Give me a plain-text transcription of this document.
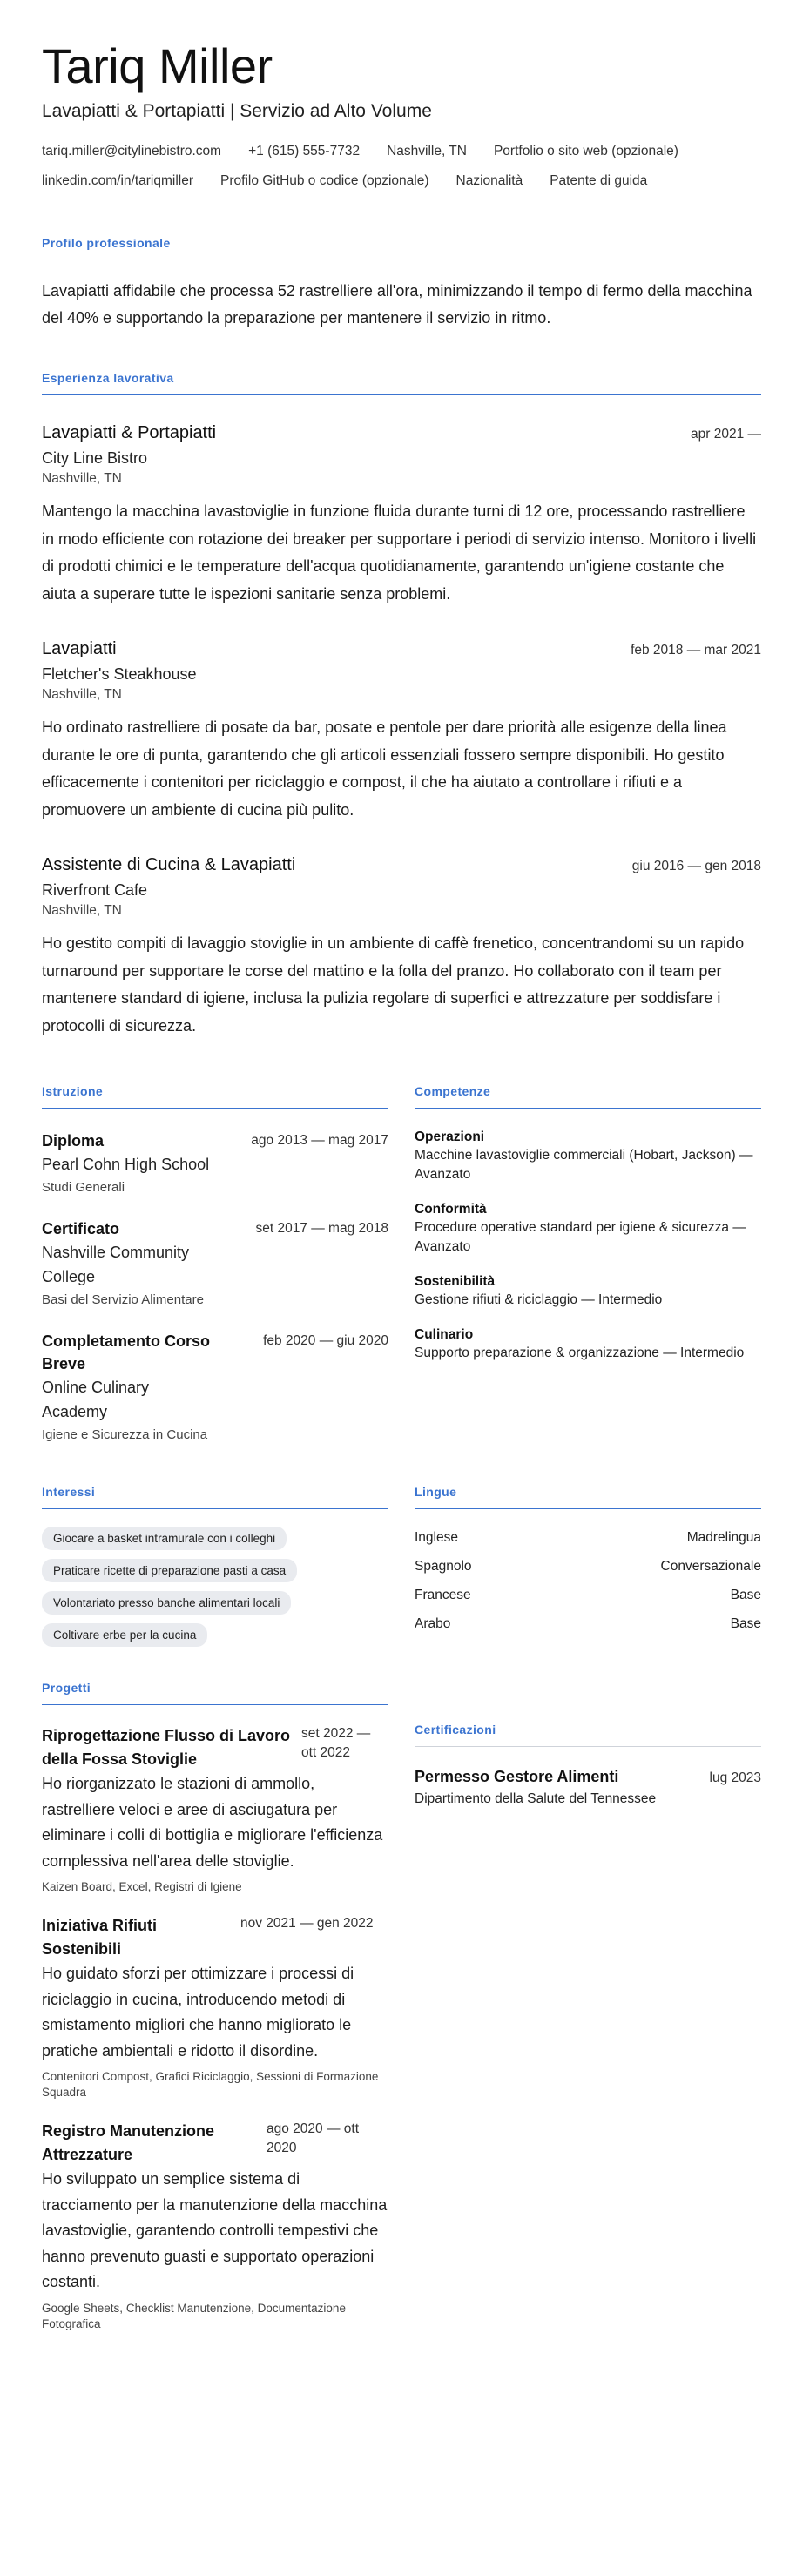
Tariq Miller
Lavapiatti & Portapiatti | Servizio ad Alto Volume
tariq.miller@citylinebistro.com +1 (615) 555-7732 Nashville, TN Portfolio o sito web (opzionale)
linkedin.com/in/tariqmiller Profilo GitHub o codice (opzionale) Nazionalità Patente di guida
Profilo professionale

Lavapiatti affidabile che processa 52 rastrelliere all'ora, minimizzando il tempo di fermo della macchina del 40% e supportando la preparazione per mantenere il servizio in ritmo.

Esperienza lavorativa
Lavapiatti & Portapiatti	apr 2021 —
City Line Bistro
Nashville, TN

Mantengo la macchina lavastoviglie in funzione fluida durante turni di 12 ore, processando rastrelliere in modo efficiente con rotazione dei breaker per supportare i periodi di servizio intenso. Monitoro i livelli di prodotti chimici e le temperature dell'acqua quotidianamente, garantendo un'igiene costante che aiuta a superare tutte le ispezioni sanitarie senza problemi.

Lavapiatti	feb 2018 — mar 2021
Fletcher's Steakhouse
Nashville, TN

Ho ordinato rastrelliere di posate da bar, posate e pentole per dare priorità alle esigenze della linea durante le ore di punta, garantendo che gli articoli essenziali fossero sempre disponibili. Ho gestito efficacemente i contenitori per riciclaggio e compost, il che ha aiutato a controllare i rifiuti e a promuovere un ambiente di cucina più pulito.

Assistente di Cucina & Lavapiatti	giu 2016 — gen 2018
Riverfront Cafe
Nashville, TN

Ho gestito compiti di lavaggio stoviglie in un ambiente di caffè frenetico, concentrandomi su un rapido turnaround per supportare le corse del mattino e la folla del pranzo. Ho collaborato con il team per mantenere standard di igiene, inclusa la pulizia regolare di superfici e attrezzature per soddisfare i protocolli di sicurezza.

Istruzione
Diploma
Pearl Cohn High School
ago 2013 — mag 2017
Studi Generali
Certificato
Nashville Community College
set 2017 — mag 2018
Basi del Servizio Alimentare
Completamento Corso Breve
Online Culinary Academy
feb 2020 — giu 2020
Igiene e Sicurezza in Cucina
Competenze
Operazioni
Macchine lavastoviglie commerciali (Hobart, Jackson) — Avanzato
Conformità
Procedure operative standard per igiene & sicurezza — Avanzato
Sostenibilità
Gestione rifiuti & riciclaggio — Intermedio
Culinario
Supporto preparazione & organizzazione — Intermedio
Interessi
Giocare a basket intramurale con i colleghi
Praticare ricette di preparazione pasti a casa
Volontariato presso banche alimentari locali
Coltivare erbe per la cucina
Lingue
Inglese	Madrelingua
Spagnolo	Conversazionale
Francese	Base
Arabo	Base
Progetti
Riprogettazione Flusso di Lavoro della Fossa Stoviglie
set 2022 — ott 2022

Ho riorganizzato le stazioni di ammollo, rastrelliere veloci e aree di asciugatura per eliminare i colli di bottiglia e migliorare l'efficienza complessiva nell'area delle stoviglie.

Kaizen Board, Excel, Registri di Igiene
Iniziativa Rifiuti Sostenibili
nov 2021 — gen 2022

Ho guidato sforzi per ottimizzare i processi di riciclaggio in cucina, introducendo metodi di smistamento migliori che hanno migliorato le pratiche ambientali e ridotto il disordine.

Contenitori Compost, Grafici Riciclaggio, Sessioni di Formazione Squadra
Registro Manutenzione Attrezzature
ago 2020 — ott 2020

Ho sviluppato un semplice sistema di tracciamento per la manutenzione della macchina lavastoviglie, garantendo controlli tempestivi che hanno prevenuto guasti e supportato operazioni costanti.

Google Sheets, Checklist Manutenzione, Documentazione Fotografica
Certificazioni
Permesso Gestore Alimenti	lug 2023
Dipartimento della Salute del Tennessee
